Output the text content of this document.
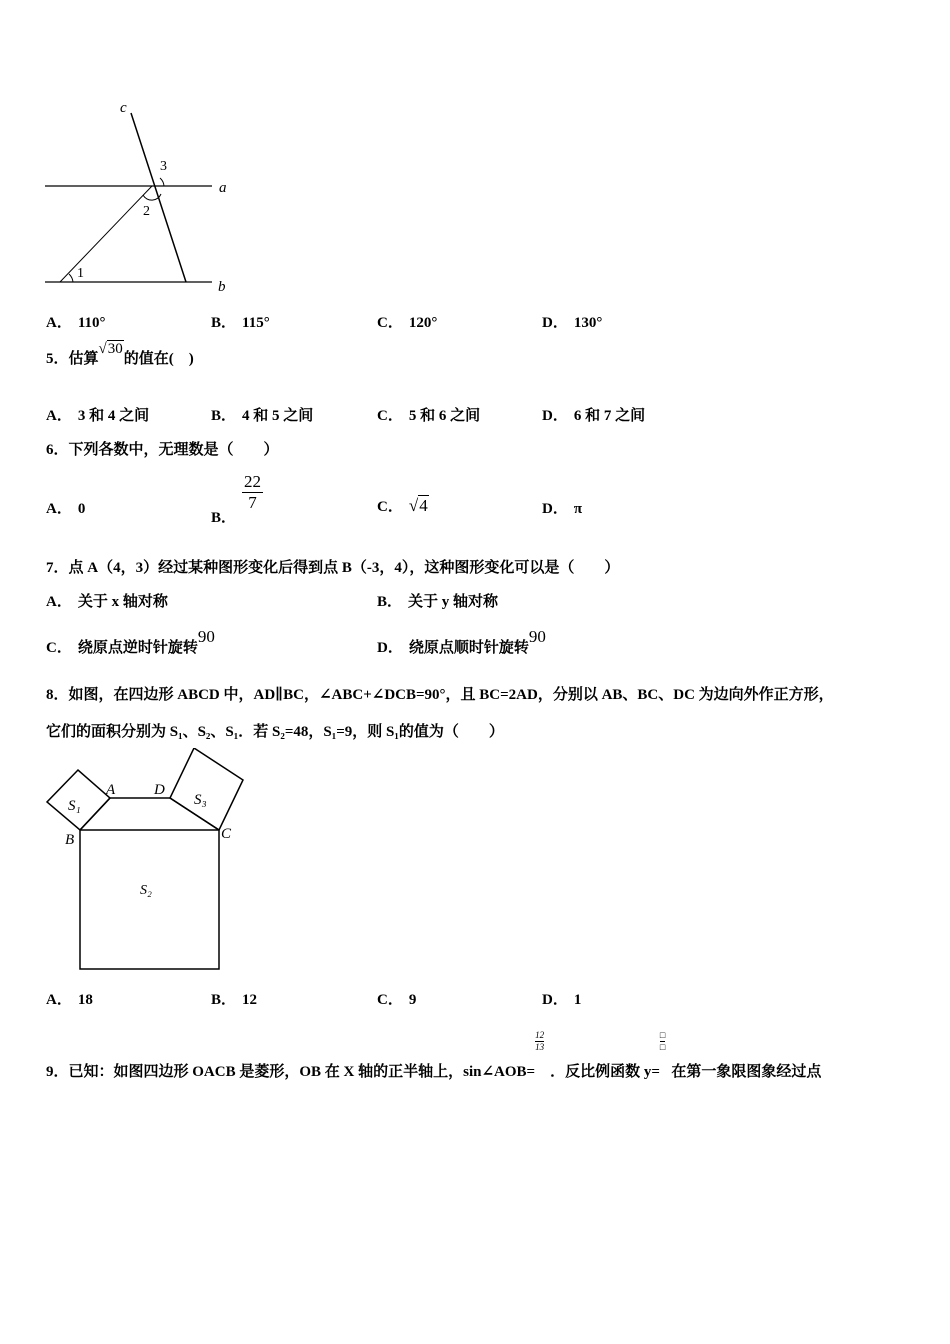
c
a
b
3
2
1
A． 110°	B． 115°	C． 120°	D． 130°
5．估算√30的值在(　)
A． 3 和 4 之间	B． 4 和 5 之间	C． 5 和 6 之间	D． 6 和 7 之间
6．下列各数中，无理数是（　　）
A． 0
B．
$\frac{22}{7}$	C． √4	D． π
7．点 A（4，3）经过某种图形变化后得到点 B（-3，4），这种图形变化可以是（　　）
A． 关于 x 轴对称	B． 关于 y 轴对称
C． 绕原点逆时针旋转90
D． 绕原点顺时针旋转90
8．如图，在四边形 ABCD 中，AD∥BC，∠ABC+∠DCB=90°，且 BC=2AD，分别以 AB、BC、DC 为边向外作正方形，
它们的面积分别为 S₁、S₂、S₁．若 S₂=48，S₁=9，则 S₁的值为（　　）
A	D
B	C
S₁	S₃
S₂
A． 18	B． 12	C． 9	D． 1
9．已知：如图四边形 OACB 是菱形，OB 在 X 轴的正半轴上，sin∠AOB=
$\frac{12}{13}$．反比例函数 y=
□
□在第一象限图象经过点
